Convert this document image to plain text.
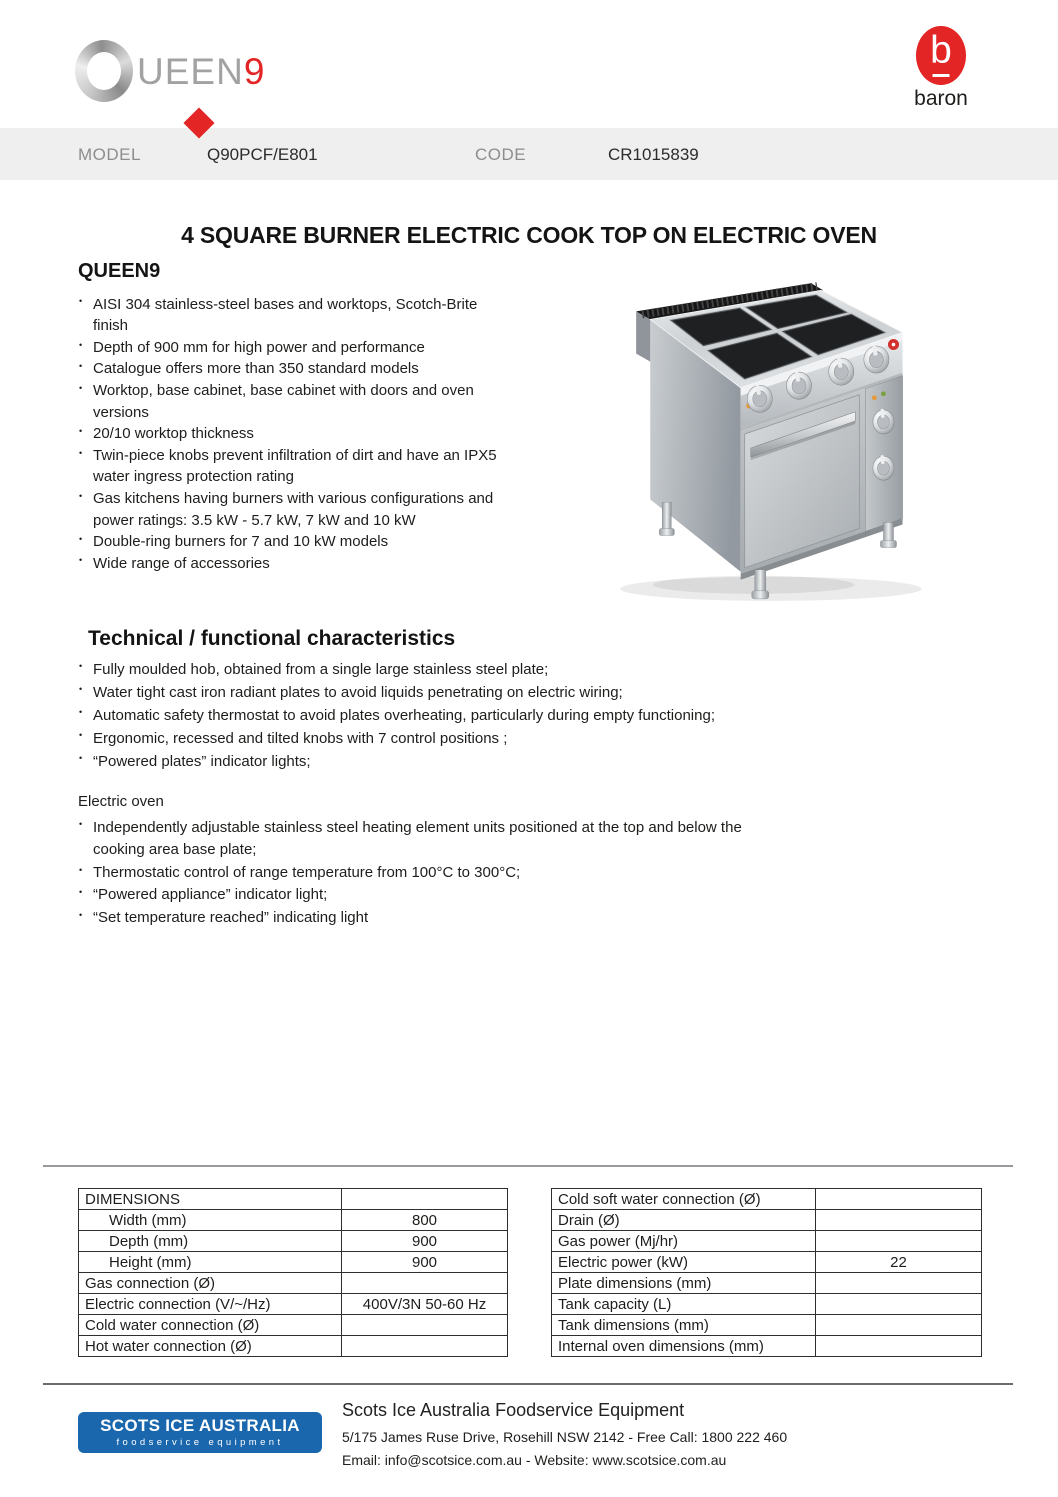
UEEN9	b
baron
MODEL	Q90PCF/E801	CODE	CR1015839
4 SQUARE BURNER ELECTRIC COOK TOP ON ELECTRIC OVEN
QUEEN9
• AISI 304 stainless-steel bases and worktops, Scotch-Brite finish
• Depth of 900 mm for high power and performance
• Catalogue offers more than 350 standard models
• Worktop, base cabinet, base cabinet with doors and oven versions
• 20/10 worktop thickness
• Twin-piece knobs prevent infiltration of dirt and have an IPX5 water ingress protection rating
• Gas kitchens having burners with various configurations and power ratings: 3.5 kW - 5.7 kW, 7 kW and 10 kW
• Double-ring burners for 7 and 10 kW models
• Wide range of accessories
Technical / functional characteristics
• Fully moulded hob, obtained from a single large stainless steel plate;
• Water tight cast iron radiant plates to avoid liquids penetrating on electric wiring;
• Automatic safety thermostat to avoid plates overheating, particularly during empty functioning;
• Ergonomic, recessed and tilted knobs with 7 control positions ;
• “Powered plates” indicator lights;

Electric oven

• Independently adjustable stainless steel heating element units positioned at the top and below the cooking area base plate;
• Thermostatic control of range temperature from 100°C to 300°C;
• “Powered appliance” indicator light;
• “Set temperature reached” indicating light
DIMENSIONS	
Width (mm)	800
Depth (mm)	900
Height (mm)	900
Gas connection (Ø)	
Electric connection (V/~/Hz)	400V/3N 50-60 Hz
Cold water connection (Ø)	
Hot water connection (Ø)	
Cold soft water connection (Ø)	
Drain (Ø)	
Gas power (Mj/hr)	
Electric power (kW)	22
Plate dimensions (mm)	
Tank capacity (L)	
Tank dimensions (mm)	
Internal oven dimensions (mm)	
SCOTS ICE AUSTRALIA
foodservice equipment
Scots Ice Australia Foodservice Equipment
5/175 James Ruse Drive, Rosehill NSW 2142 - Free Call: 1800 222 460
Email: info@scotsice.com.au - Website: www.scotsice.com.au
